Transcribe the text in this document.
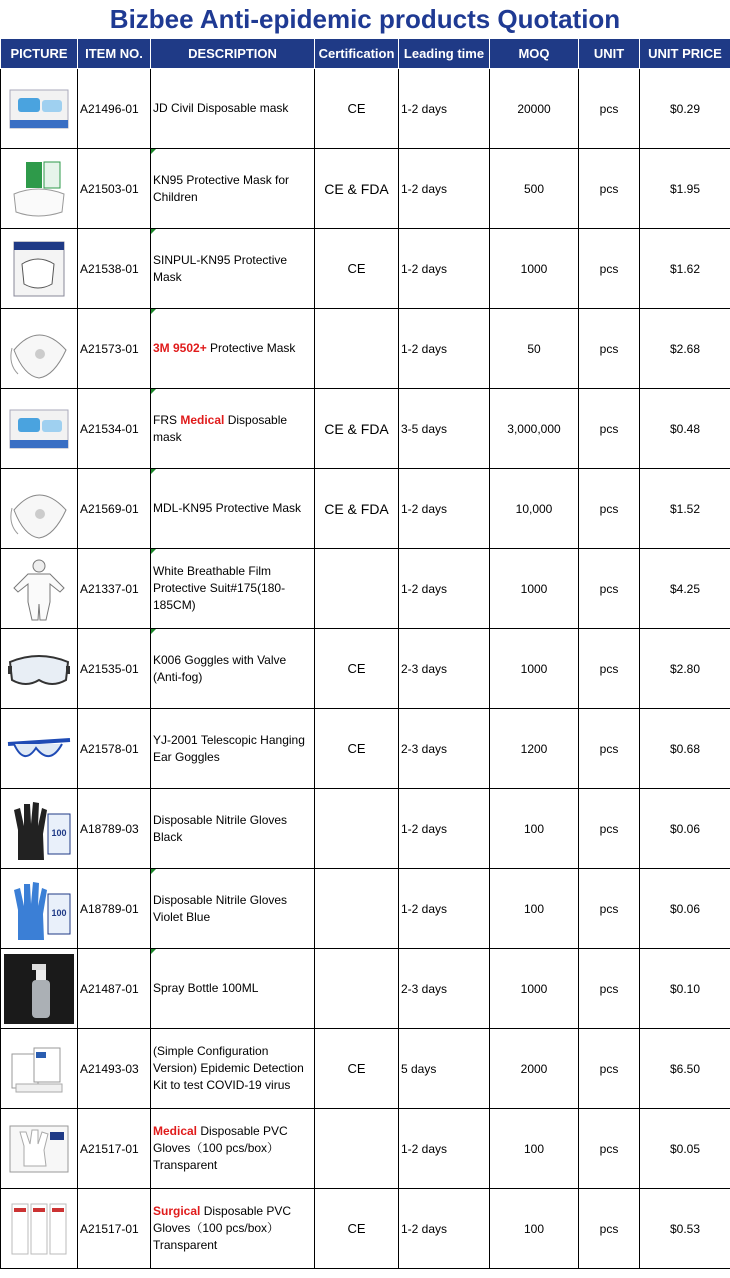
Bizbee Anti-epidemic products Quotation
PICTURE	ITEM NO.	DESCRIPTION	Certification	Leading time	MOQ	UNIT	UNIT PRICE

	A21496-01	JD Civil Disposable mask	CE	1-2 days	20000	pcs	$0.29

	A21503-01	KN95 Protective Mask for Children	CE & FDA	1-2 days	500	pcs	$1.95

	A21538-01	SINPUL-KN95 Protective Mask	CE	1-2 days	1000	pcs	$1.62

	A21573-01	3M 9502+ Protective Mask		1-2 days	50	pcs	$2.68

	A21534-01	FRS Medical Disposable mask	CE & FDA	3-5 days	3,000,000	pcs	$0.48

	A21569-01	MDL-KN95 Protective Mask	CE & FDA	1-2 days	10,000	pcs	$1.52

	A21337-01	White Breathable Film Protective Suit#175(180-185CM)		1-2 days	1000	pcs	$4.25

	A21535-01	K006 Goggles with Valve (Anti-fog)	CE	2-3 days	1000	pcs	$2.80

	A21578-01	YJ-2001 Telescopic Hanging Ear Goggles	CE	2-3 days	1200	pcs	$0.68

100	A18789-03	Disposable Nitrile Gloves Black		1-2 days	100	pcs	$0.06

100	A18789-01	Disposable Nitrile Gloves Violet Blue		1-2 days	100	pcs	$0.06

	A21487-01	Spray Bottle 100ML		2-3 days	1000	pcs	$0.10

	A21493-03	(Simple Configuration Version) Epidemic Detection Kit to test COVID-19 virus	CE	5 days	2000	pcs	$6.50

	A21517-01	Medical Disposable PVC Gloves（100 pcs/box） Transparent		1-2 days	100	pcs	$0.05

	A21517-01	Surgical Disposable PVC Gloves（100 pcs/box） Transparent	CE	1-2 days	100	pcs	$0.53
